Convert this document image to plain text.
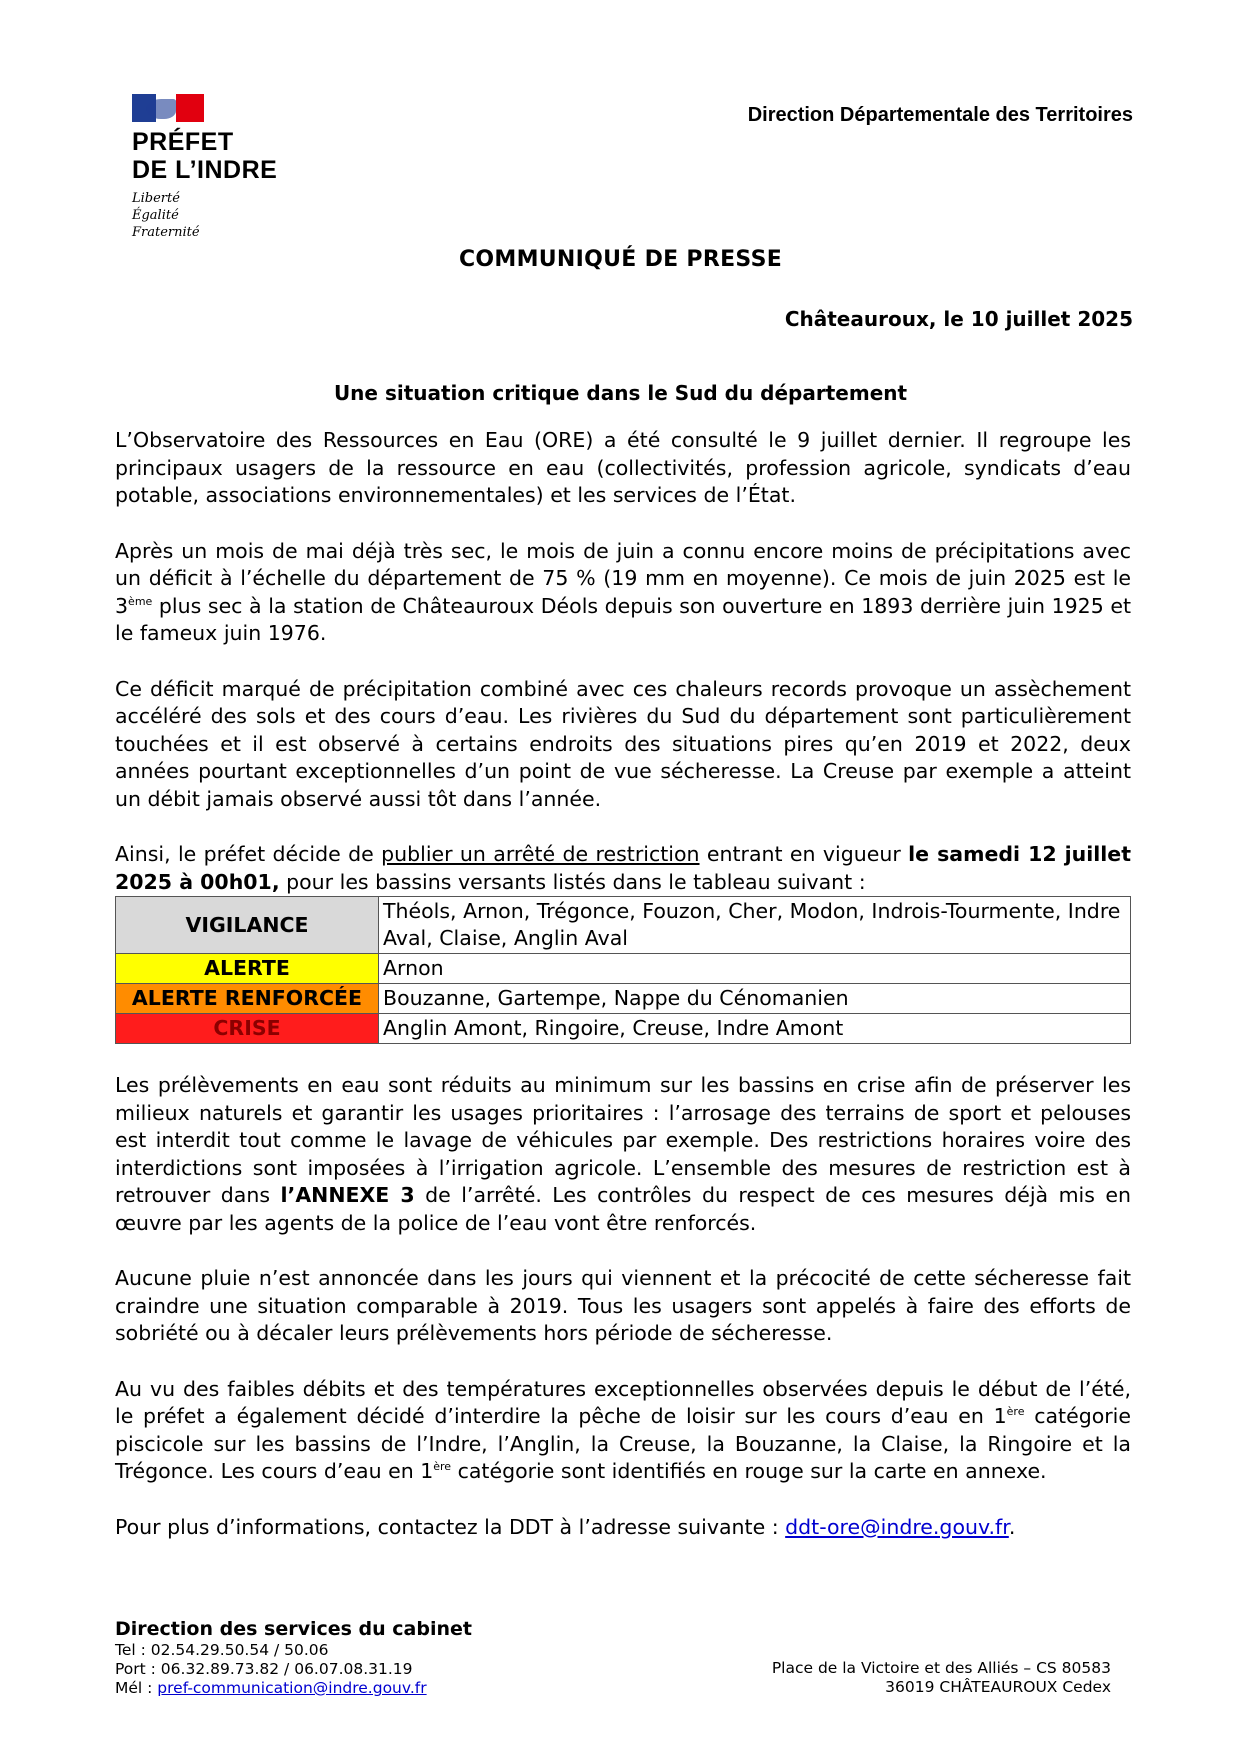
PRÉFET
DE L’INDRE
Liberté
Égalité
Fraternité
Direction Départementale des Territoires
COMMUNIQUÉ DE PRESSE
Châteauroux, le 10 juillet 2025
Une situation critique dans le Sud du département

L’Observatoire des Ressources en Eau (ORE) a été consulté le 9 juillet dernier. Il regroupe les principaux usagers de la ressource en eau (collectivités, profession agricole, syndicats d’eau potable, associations environnementales) et les services de l’État.

Après un mois de mai déjà très sec, le mois de juin a connu encore moins de précipitations avec un déficit à l’échelle du département de 75 % (19 mm en moyenne). Ce mois de juin 2025 est le 3ème plus sec à la station de Châteauroux Déols depuis son ouverture en 1893 derrière juin 1925 et le fameux juin 1976.

Ce déficit marqué de précipitation combiné avec ces chaleurs records provoque un assèchement accéléré des sols et des cours d’eau. Les rivières du Sud du département sont particulièrement touchées et il est observé à certains endroits des situations pires qu’en 2019 et 2022, deux années pourtant exceptionnelles d’un point de vue sécheresse. La Creuse par exemple a atteint un débit jamais observé aussi tôt dans l’année.

Ainsi, le préfet décide de publier un arrêté de restriction entrant en vigueur le samedi 12 juillet 2025 à 00h01, pour les bassins versants listés dans le tableau suivant :

VIGILANCE	Théols, Arnon, Trégonce, Fouzon, Cher, Modon, Indrois-Tourmente, Indre Aval, Claise, Anglin Aval
ALERTE	Arnon
ALERTE RENFORCÉE	Bouzanne, Gartempe, Nappe du Cénomanien
CRISE	Anglin Amont, Ringoire, Creuse, Indre Amont

Les prélèvements en eau sont réduits au minimum sur les bassins en crise afin de préserver les milieux naturels et garantir les usages prioritaires : l’arrosage des terrains de sport et pelouses est interdit tout comme le lavage de véhicules par exemple. Des restrictions horaires voire des interdictions sont imposées à l’irrigation agricole. L’ensemble des mesures de restriction est à retrouver dans l’ANNEXE 3 de l’arrêté. Les contrôles du respect de ces mesures déjà mis en œuvre par les agents de la police de l’eau vont être renforcés.

Aucune pluie n’est annoncée dans les jours qui viennent et la précocité de cette sécheresse fait craindre une situation comparable à 2019. Tous les usagers sont appelés à faire des efforts de sobriété ou à décaler leurs prélèvements hors période de sécheresse.

Au vu des faibles débits et des températures exceptionnelles observées depuis le début de l’été, le préfet a également décidé d’interdire la pêche de loisir sur les cours d’eau en 1ère catégorie piscicole sur les bassins de l’Indre, l’Anglin, la Creuse, la Bouzanne, la Claise, la Ringoire et la Trégonce. Les cours d’eau en 1ère catégorie sont identifiés en rouge sur la carte en annexe.

Pour plus d’informations, contactez la DDT à l’adresse suivante : ddt-ore@indre.gouv.fr.

Direction des services du cabinet
Tel : 02.54.29.50.54 / 50.06
Port : 06.32.89.73.82 / 06.07.08.31.19
Mél : pref-communication@indre.gouv.fr
Place de la Victoire et des Alliés – CS 80583
36019 CHÂTEAUROUX Cedex
